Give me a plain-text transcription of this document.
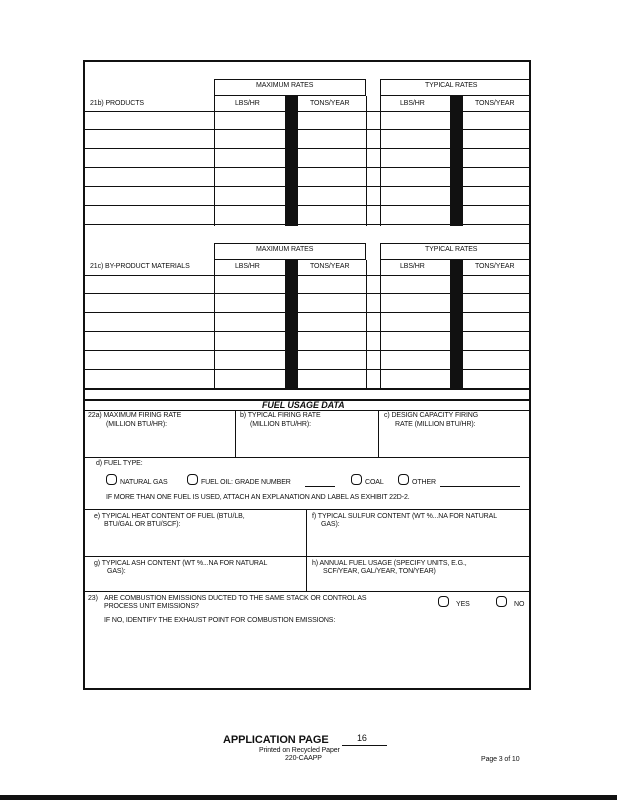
MAXIMUM RATES	TYPICAL RATES
21b) PRODUCTS	LBS/HR	TONS/YEAR	LBS/HR	TONS/YEAR
MAXIMUM RATES	TYPICAL RATES
21c) BY-PRODUCT MATERIALS	LBS/HR	TONS/YEAR	LBS/HR	TONS/YEAR
FUEL USAGE DATA
22a) MAXIMUM FIRING RATE
(MILLION BTU/HR):
b) TYPICAL FIRING RATE
(MILLION BTU/HR):
c) DESIGN CAPACITY FIRING
RATE (MILLION BTU/HR):
d) FUEL TYPE:
NATURAL GAS	FUEL OIL: GRADE NUMBER	COAL	OTHER
IF MORE THAN ONE FUEL IS USED, ATTACH AN EXPLANATION AND LABEL AS EXHIBIT 22D-2.
e) TYPICAL HEAT CONTENT OF FUEL (BTU/LB,
BTU/GAL OR BTU/SCF):
f) TYPICAL SULFUR CONTENT (WT %...NA FOR NATURAL
GAS):
g) TYPICAL ASH CONTENT (WT %...NA FOR NATURAL
GAS):
h) ANNUAL FUEL USAGE (SPECIFY UNITS, E.G.,
SCF/YEAR, GAL/YEAR, TON/YEAR)
23) ARE COMBUSTION EMISSIONS DUCTED TO THE SAME STACK OR CONTROL AS
PROCESS UNIT EMISSIONS?	YES	NO
IF NO, IDENTIFY THE EXHAUST POINT FOR COMBUSTION EMISSIONS:
APPLICATION PAGE	16
Printed on Recycled Paper
220-CAAPP	Page 3 of 10
